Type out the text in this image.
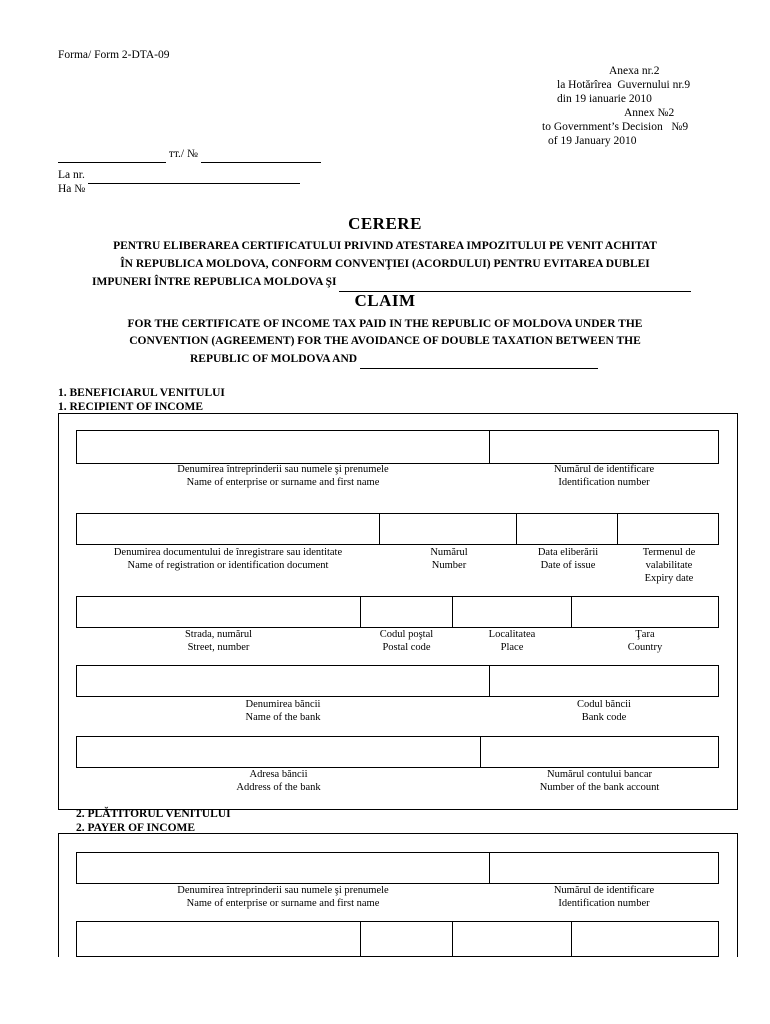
Forma/ Form 2-DTA-09
Anexa nr.2
la Hotărîrea  Guvernului nr.9
din 19 ianuarie 2010
Annex №2
to Government’s Decision   №9
of 19 January 2010
тт./ №
La nr.
На №
CERERE
PENTRU ELIBERAREA CERTIFICATULUI PRIVIND ATESTAREA IMPOZITULUI PE VENIT ACHITAT
ÎN REPUBLICA MOLDOVA, CONFORM CONVENŢIEI (ACORDULUI) PENTRU EVITAREA DUBLEI
IMPUNERI ÎNTRE REPUBLICA MOLDOVA ŞI
CLAIM
FOR THE CERTIFICATE OF INCOME TAX PAID IN THE REPUBLIC OF MOLDOVA UNDER THE
CONVENTION (AGREEMENT) FOR THE AVOIDANCE OF DOUBLE TAXATION BETWEEN THE
REPUBLIC OF MOLDOVA AND
1. BENEFICIARUL VENITULUI
1. RECIPIENT OF INCOME
Denumirea întreprinderii sau numele şi prenumele
Name of enterprise or surname and first name
Numărul de identificare
Identification number
Denumirea documentului de înregistrare sau identitate
Name of registration or identification document
Numărul
Number
Data eliberării
Date of issue
Termenul de
valabilitate
Expiry date
Strada, numărul
Street, number
Codul poştal
Postal code
Localitatea
Place
Ţara
Country
Denumirea băncii
Name of the bank
Codul băncii
Bank code
Adresa băncii
Address of the bank
Numărul contului bancar
Number of the bank account
2. PLĂTITORUL VENITULUI
2. PAYER OF INCOME
Denumirea întreprinderii sau numele şi prenumele
Name of enterprise or surname and first name
Numărul de identificare
Identification number
